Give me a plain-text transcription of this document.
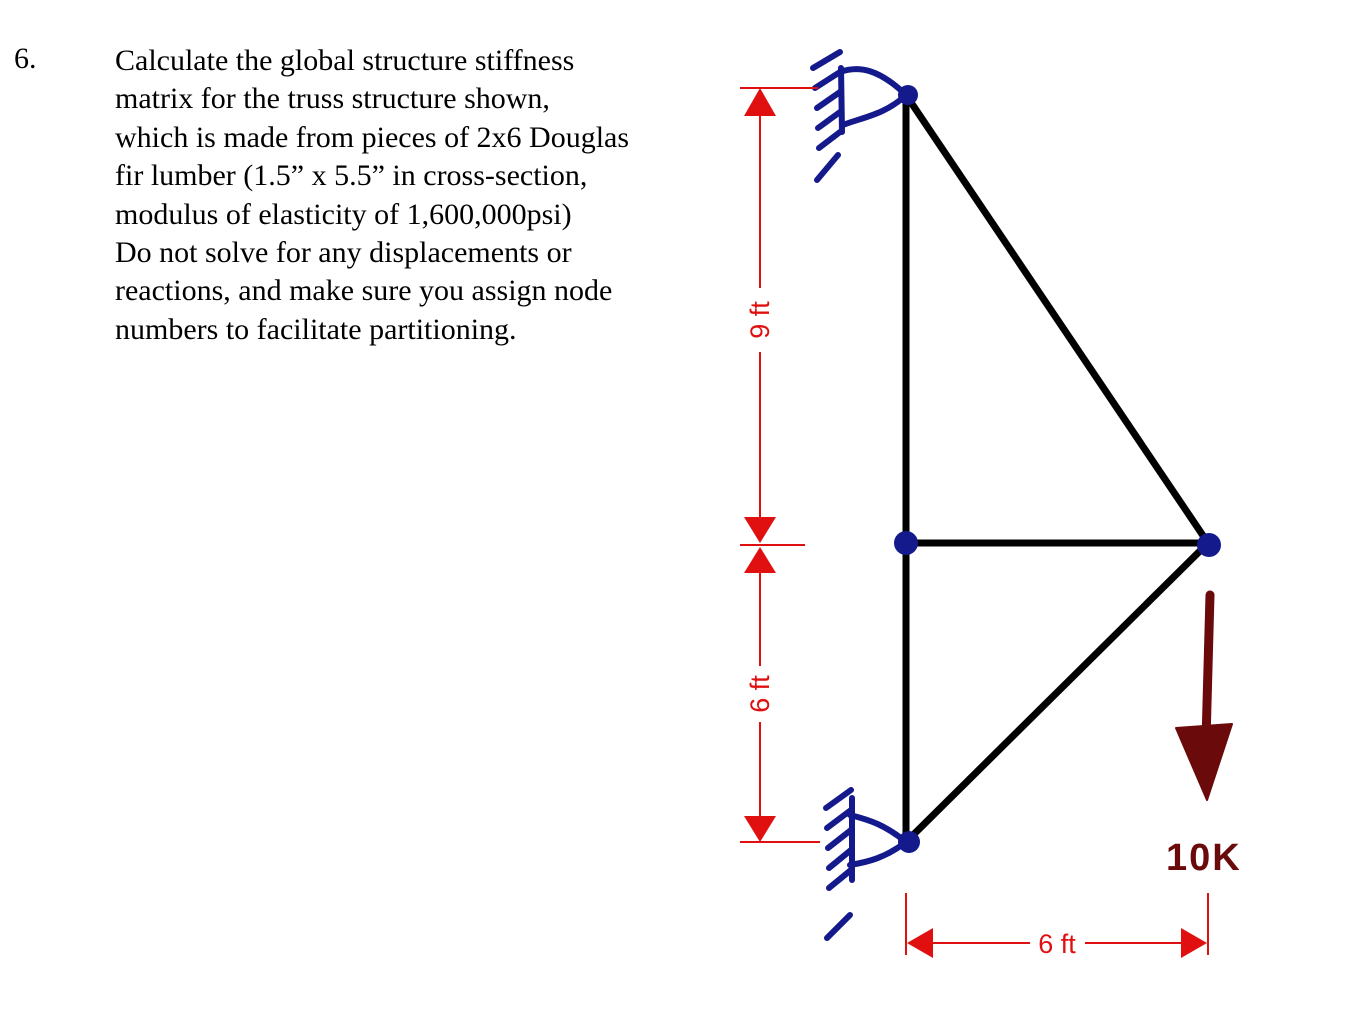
6.	Calculate the global structure stiffness
matrix for the truss structure shown,
which is made from pieces of 2x6 Douglas
fir lumber (1.5” x 5.5” in cross-section,
modulus of elasticity of 1,600,000psi)
Do not solve for any displacements or
reactions, and make sure you assign node
numbers to facilitate partitioning.	9 ft
6 ft
6 ft
10K
